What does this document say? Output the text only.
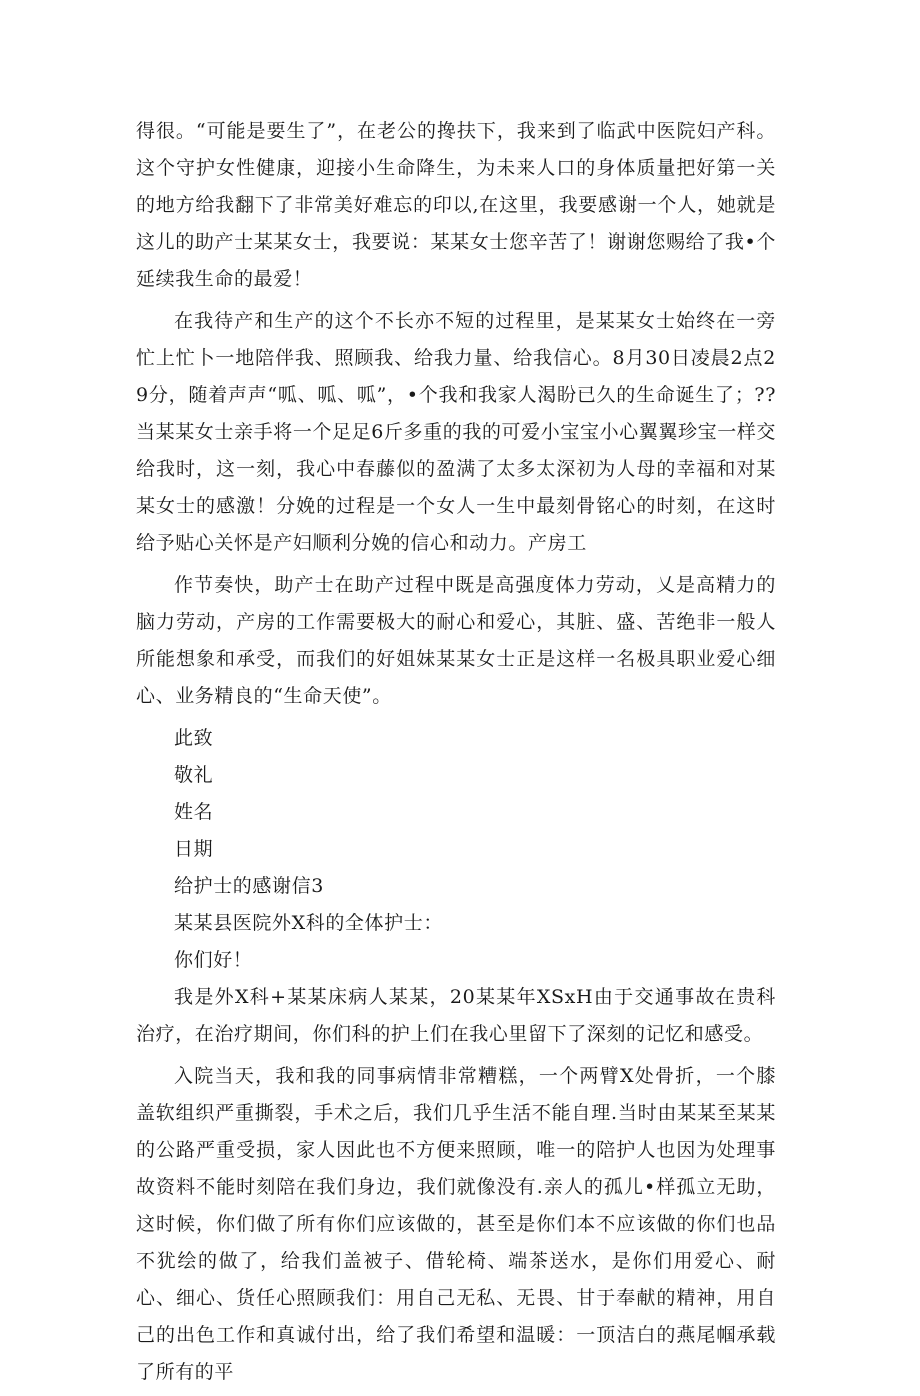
得很。“可能是要生了”，在老公的搀扶下，我来到了临武中医院妇产科。这个守护女性健康，迎接小生命降生，为未来人口的身体质量把好第一关的地方给我翻下了非常美好难忘的印以,在这里，我要感谢一个人，她就是这儿的助产士某某女士，我要说：某某女士您辛苦了！谢谢您赐给了我•个延续我生命的最爱！

在我待产和生产的这个不长亦不短的过程里，是某某女士始终在一旁忙上忙卜一地陪伴我、照顾我、给我力量、给我信心。8月30日凌晨2点29分，随着声声“呱、呱、呱”，•个我和我家人渴盼已久的生命诞生了；??当某某女士亲手将一个足足6斤多重的我的可爱小宝宝小心翼翼珍宝一样交给我时，这一刻，我心中春藤似的盈满了太多太深初为人母的幸福和对某某女士的感激！分娩的过程是一个女人一生中最刻骨铭心的时刻，在这时给予贴心关怀是产妇顺利分娩的信心和动力。产房工

作节奏快，助产士在助产过程中既是高强度体力劳动，乂是高精力的脑力劳动，产房的工作需要极大的耐心和爱心，其脏、盛、苦绝非一般人所能想象和承受，而我们的好姐妹某某女士正是这样一名极具职业爱心细心、业务精良的“生命天使”。

此致

敬礼

姓名

日期

给护士的感谢信3

某某县医院外X科的全体护士：

你们好！

我是外X科+某某床病人某某，20某某年XSxH由于交通事故在贵科治疗，在治疗期间，你们科的护上们在我心里留下了深刻的记忆和感受。

入院当天，我和我的同事病情非常糟糕，一个两臂X处骨折，一个膝盖软组织严重撕裂，手术之后，我们几乎生活不能自理.当时由某某至某某的公路严重受损，家人因此也不方便来照顾，唯一的陪护人也因为处理事故资料不能时刻陪在我们身边，我们就像没有.亲人的孤儿•样孤立无助，这时候，你们做了所有你们应该做的，甚至是你们本不应该做的你们也品不犹绘的做了，给我们盖被子、借轮椅、端茶送水，是你们用爱心、耐心、细心、货任心照顾我们：用自己无私、无畏、甘于奉献的精神，用自己的出色工作和真诚付出，给了我们希望和温暖：一顶洁白的燕尾帼承载了所有的平
